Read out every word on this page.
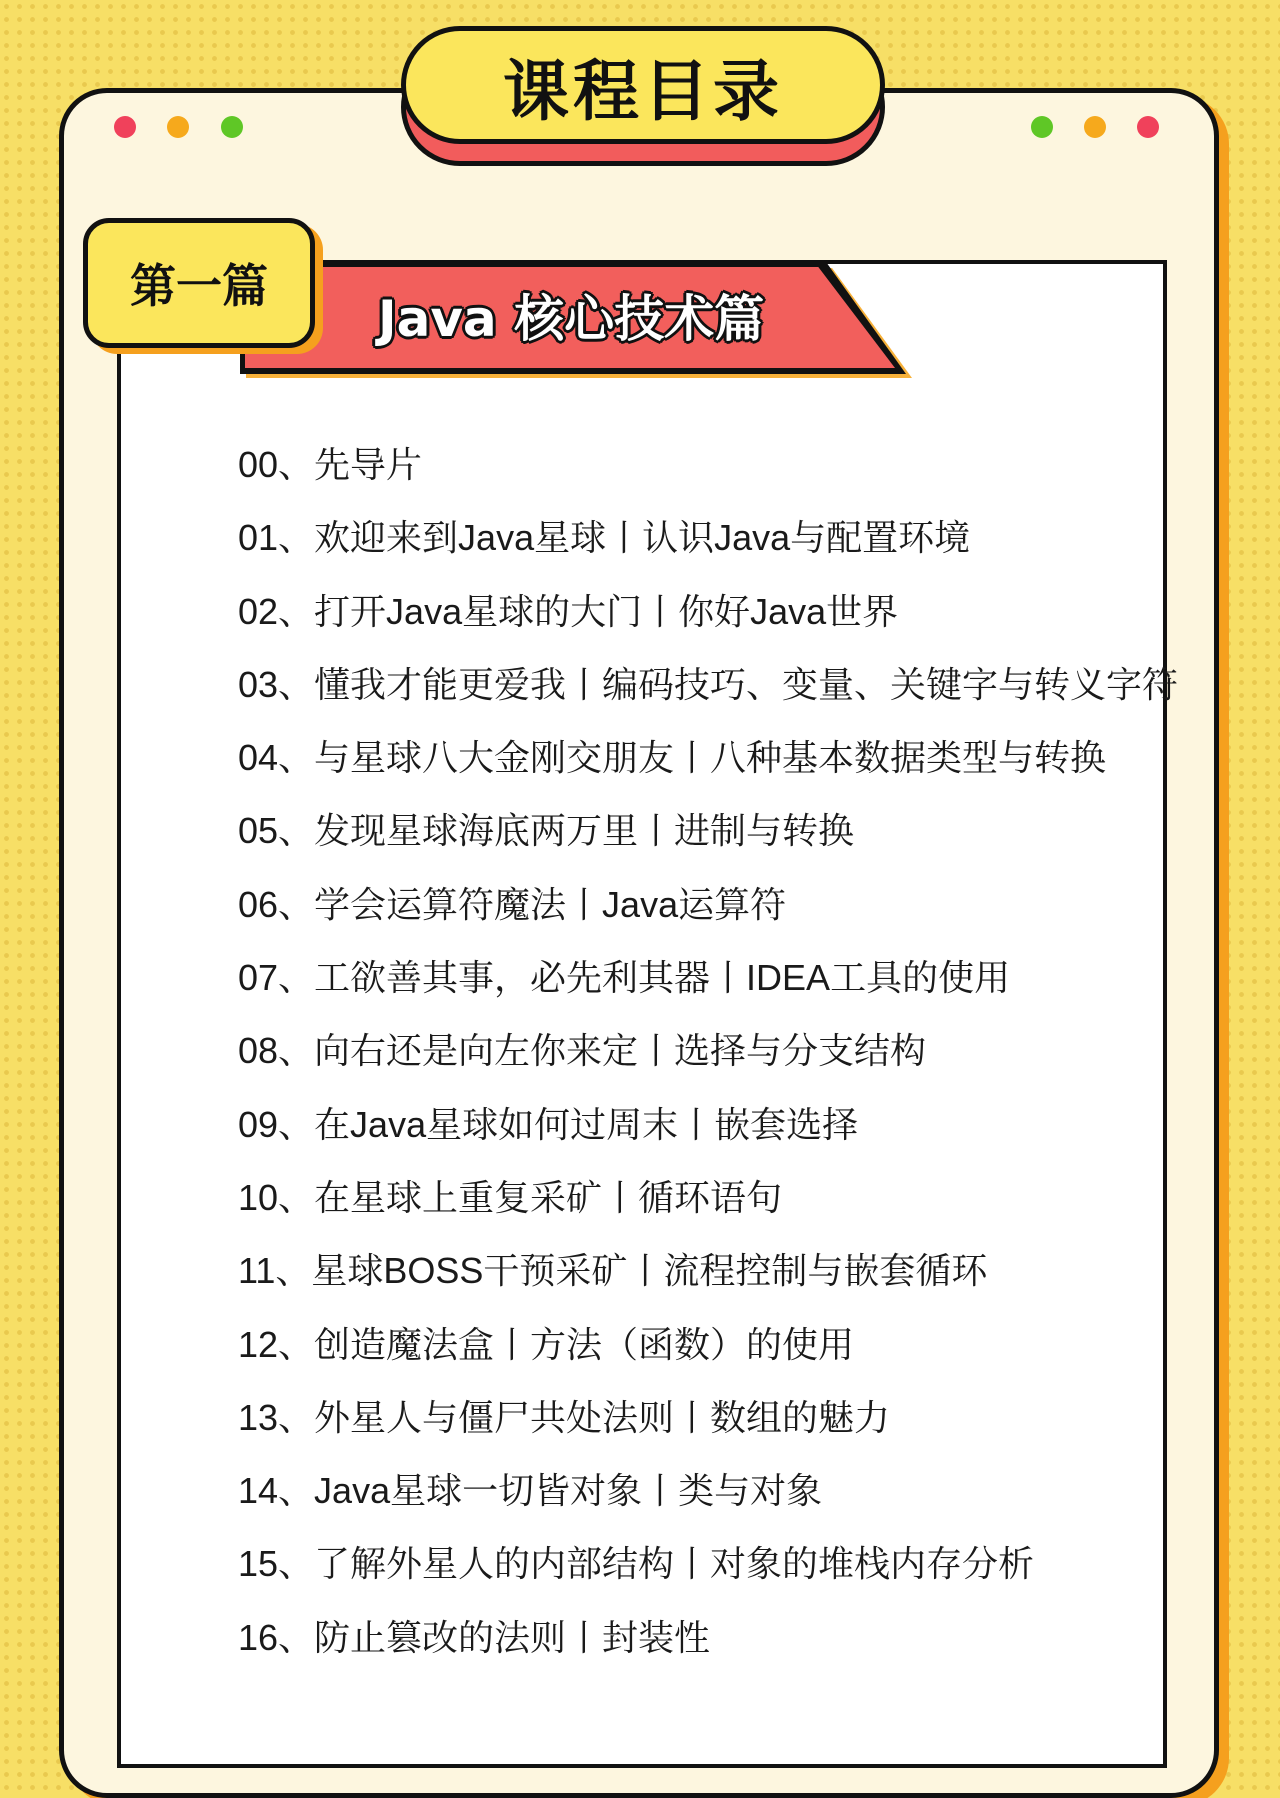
课程目录
Java 核心技术篇
第一篇
00、先导片
01、欢迎来到Java星球丨认识Java与配置环境
02、打开Java星球的大门丨你好Java世界
03、懂我才能更爱我丨编码技巧、变量、关键字与转义字符
04、与星球八大金刚交朋友丨八种基本数据类型与转换
05、发现星球海底两万里丨进制与转换
06、学会运算符魔法丨Java运算符
07、工欲善其事，必先利其器丨IDEA工具的使用
08、向右还是向左你来定丨选择与分支结构
09、在Java星球如何过周末丨嵌套选择
10、在星球上重复采矿丨循环语句
11、星球BOSS干预采矿丨流程控制与嵌套循环
12、创造魔法盒丨方法（函数）的使用
13、外星人与僵尸共处法则丨数组的魅力
14、Java星球一切皆对象丨类与对象
15、了解外星人的内部结构丨对象的堆栈内存分析
16、防止篡改的法则丨封装性
